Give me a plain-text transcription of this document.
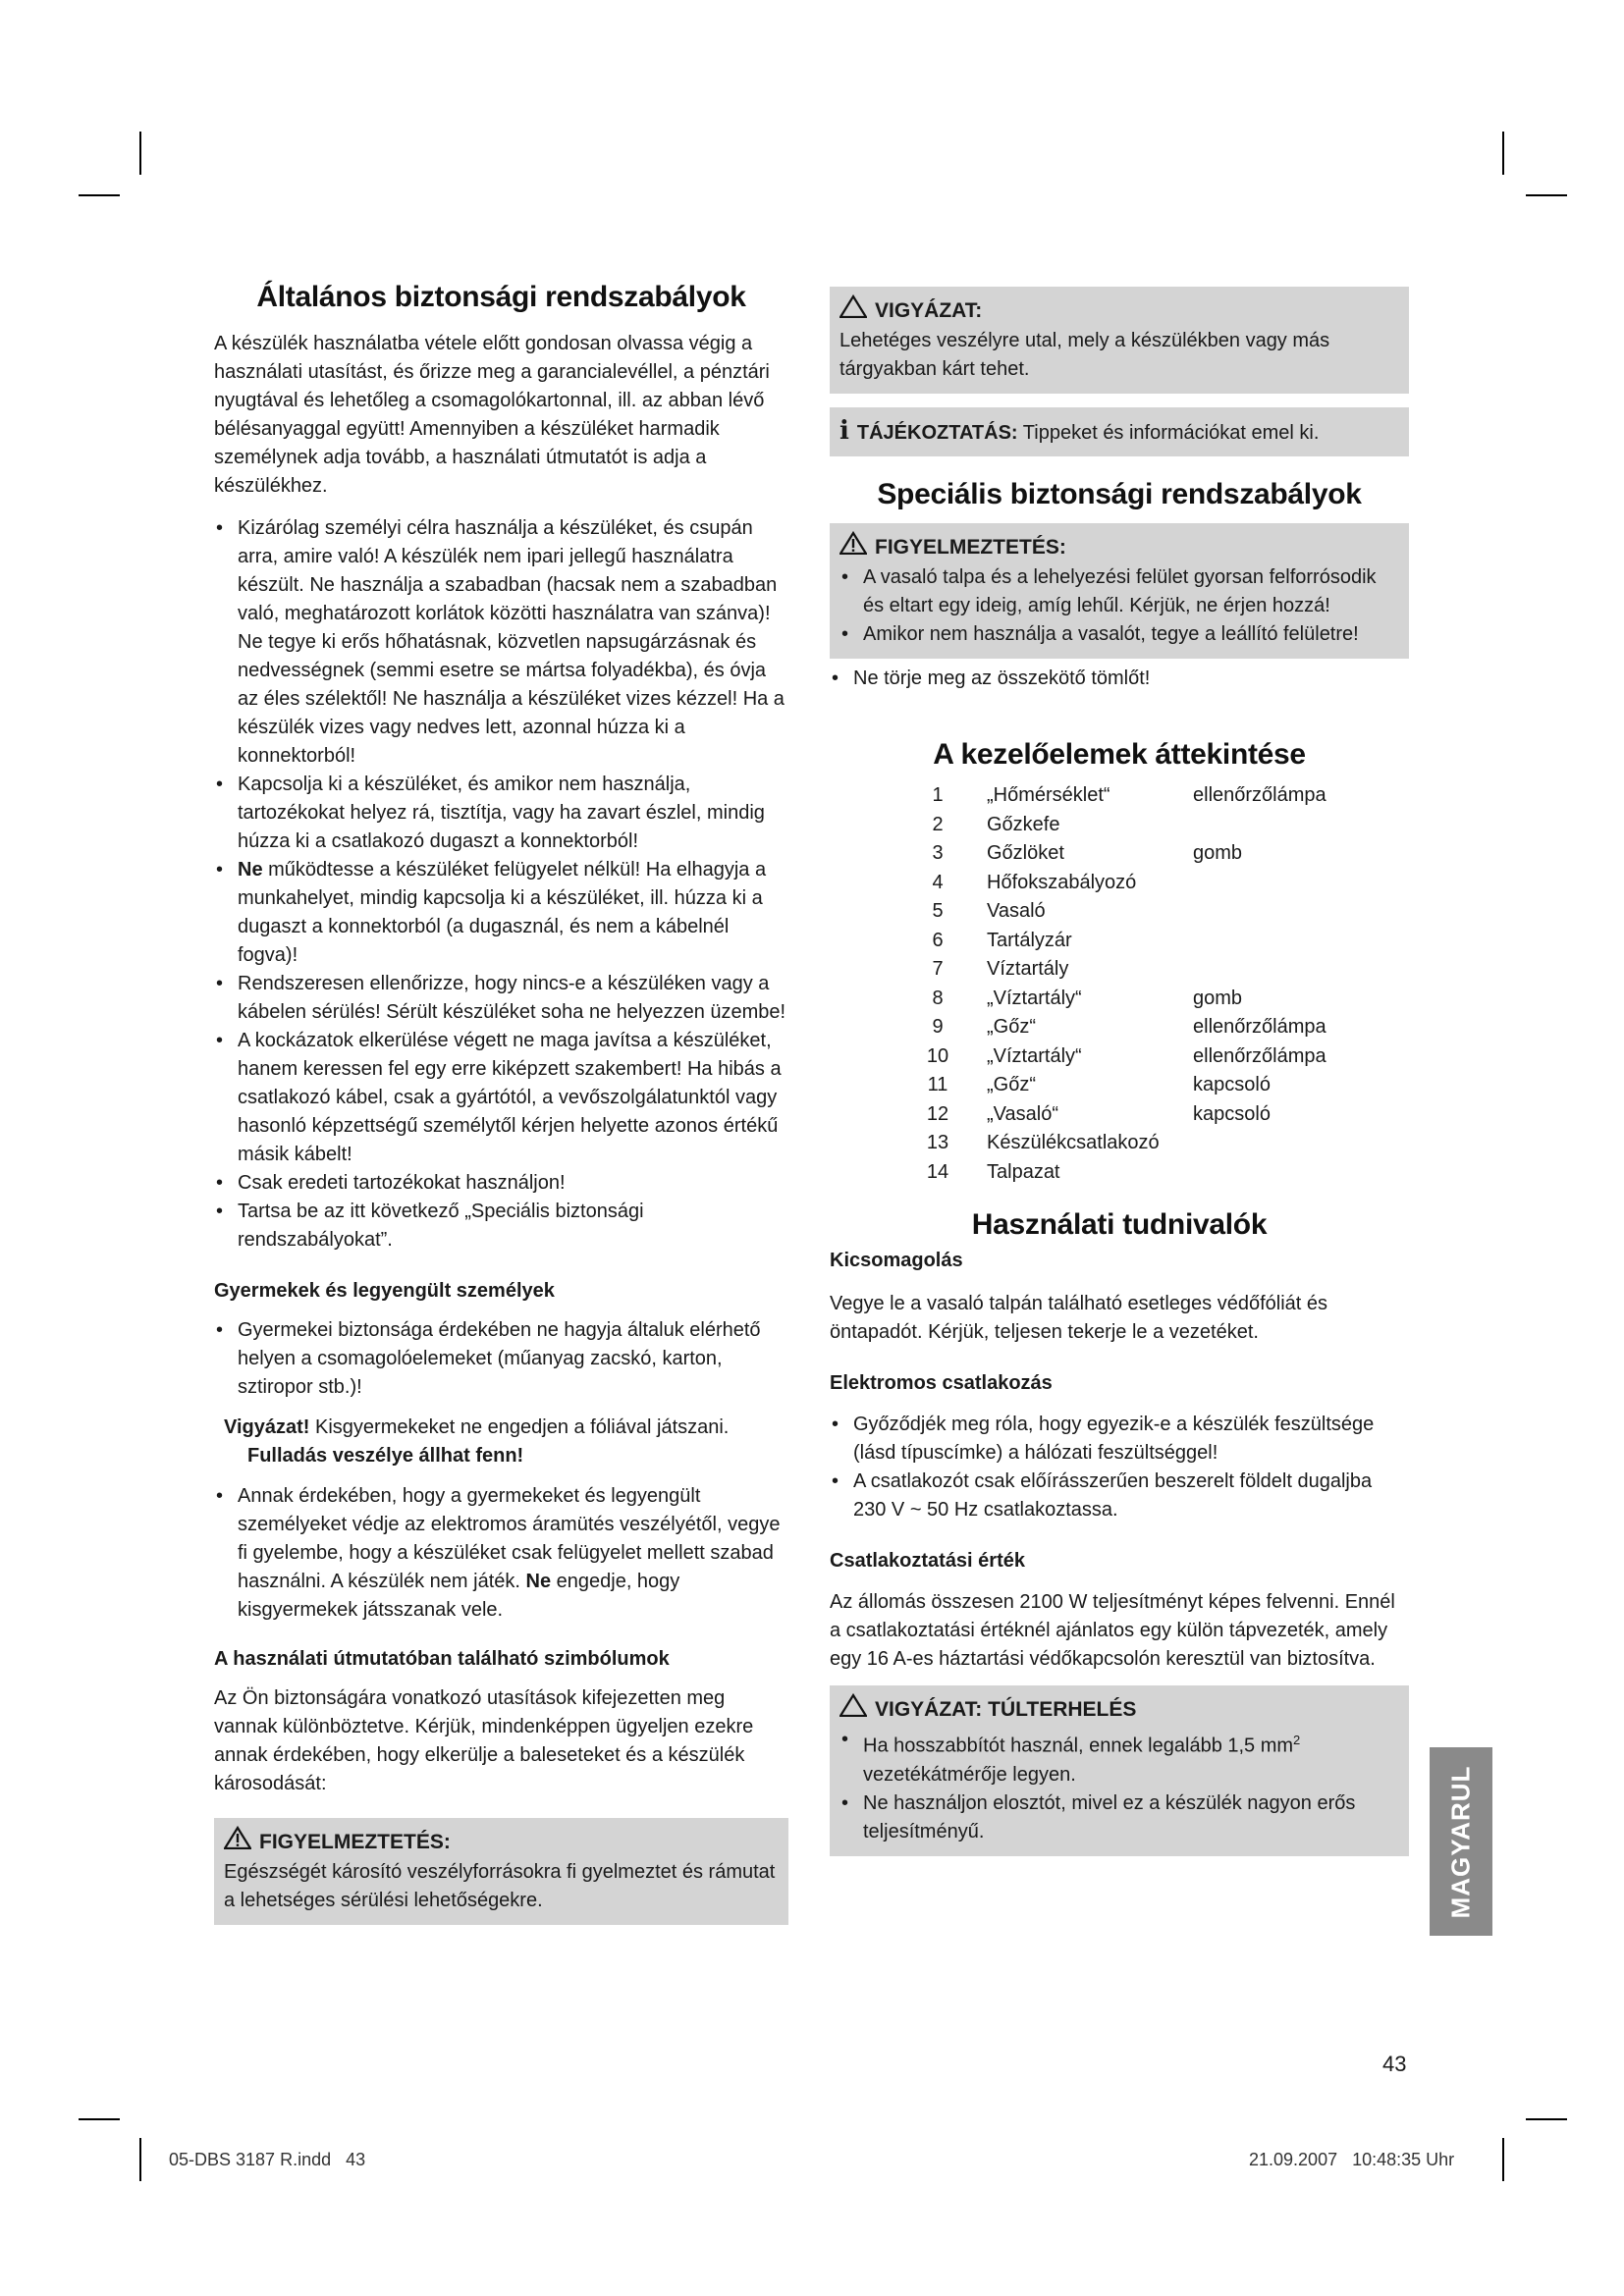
Általános biztonsági rendszabályok

A készülék használatba vétele előtt gondosan olvassa végig a használati utasítást, és őrizze meg a garancialevéllel, a pénztári nyugtával és lehetőleg a csomagolókartonnal, ill. az abban lévő bélésanyaggal együtt! Amennyiben a készüléket harmadik személynek adja tovább, a használati útmutatót is adja a készülékhez.

• Kizárólag személyi célra használja a készüléket, és csupán arra, amire való! A készülék nem ipari jellegű használatra készült. Ne használja a szabadban (hacsak nem a szabadban való, meghatározott korlátok közötti használatra van szánva)! Ne tegye ki erős hőhatásnak, közvetlen napsugárzásnak és nedvességnek (semmi esetre se mártsa folyadékba), és óvja az éles szélektől! Ne használja a készüléket vizes kézzel! Ha a készülék vizes vagy nedves lett, azonnal húzza ki a konnektorból!
• Kapcsolja ki a készüléket, és amikor nem használja, tartozékokat helyez rá, tisztítja, vagy ha zavart észlel, mindig húzza ki a csatlakozó dugaszt a konnektorból!
• Ne működtesse a készüléket felügyelet nélkül! Ha elhagyja a munkahelyet, mindig kapcsolja ki a készüléket, ill. húzza ki a dugaszt a konnektorból (a dugasznál, és nem a kábelnél fogva)!
• Rendszeresen ellenőrizze, hogy nincs-e a készüléken vagy a kábelen sérülés! Sérült készüléket soha ne helyezzen üzembe!
• A kockázatok elkerülése végett ne maga javítsa a készüléket, hanem keressen fel egy erre kiképzett szakembert! Ha hibás a csatlakozó kábel, csak a gyártótól, a vevőszolgálatunktól vagy hasonló képzettségű személytől kérjen helyette azonos értékű másik kábelt!
• Csak eredeti tartozékokat használjon!
• Tartsa be az itt következő „Speciális biztonsági rendszabályokat”.
Gyermekek és legyengült személyek
• Gyermekei biztonsága érdekében ne hagyja általuk elérhető helyen a csomagolóelemeket (műanyag zacskó, karton, sztiropor stb.)!

Vigyázat! Kisgyermekeket ne engedjen a fóliával játszani.

Fulladás veszélye állhat fenn!

• Annak érdekében, hogy a gyermekeket és legyengült személyeket védje az elektromos áramütés veszélyétől, vegye fi gyelembe, hogy a készüléket csak felügyelet mellett szabad használni. A készülék nem játék. Ne engedje, hogy kisgyermekek játsszanak vele.
A használati útmutatóban található szimbólumok

Az Ön biztonságára vonatkozó utasítások kifejezetten meg vannak különböztetve. Kérjük, mindenképpen ügyeljen ezekre annak érdekében, hogy elkerülje a baleseteket és a készülék károsodását:

FIGYELMEZTETÉS:

Egészségét károsító veszélyforrásokra fi gyelmeztet és rámutat a lehetséges sérülési lehetőségekre.

VIGYÁZAT:

Lehetéges veszélyre utal, mely a készülékben vagy más tárgyakban kárt tehet.

i TÁJÉKOZTATÁS: Tippeket és információkat emel ki.
Speciális biztonsági rendszabályok
FIGYELMEZTETÉS:
• A vasaló talpa és a lehelyezési felület gyorsan felforrósodik és eltart egy ideig, amíg lehűl. Kérjük, ne érjen hozzá!
• Amikor nem használja a vasalót, tegye a leállító felületre!
• Ne törje meg az összekötő tömlőt!
A kezelőelemek áttekintése
1	„Hőmérséklet“	ellenőrzőlámpa
2	Gőzkefe	
3	Gőzlöket	gomb
4	Hőfokszabályozó	
5	Vasaló	
6	Tartályzár	
7	Víztartály	
8	„Víztartály“	gomb
9	„Gőz“	ellenőrzőlámpa
10	„Víztartály“	ellenőrzőlámpa
11	„Gőz“	kapcsoló
12	„Vasaló“	kapcsoló
13	Készülékcsatlakozó	
14	Talpazat	
Használati tudnivalók
Kicsomagolás

Vegye le a vasaló talpán található esetleges védőfóliát és öntapadót. Kérjük, teljesen tekerje le a vezetéket.

Elektromos csatlakozás
• Győződjék meg róla, hogy egyezik-e a készülék feszültsége (lásd típuscímke) a hálózati feszültséggel!
• A csatlakozót csak előírásszerűen beszerelt földelt dugaljba 230 V ~ 50 Hz csatlakoztassa.
Csatlakoztatási érték

Az állomás összesen 2100 W teljesítményt képes felvenni. Ennél a csatlakoztatási értéknél ajánlatos egy külön tápvezeték, amely egy 16 A-es háztartási védőkapcsolón keresztül van biztosítva.

VIGYÁZAT: TÚLTERHELÉS
• Ha hosszabbítót használ, ennek legalább 1,5 $mm^2$ vezetékátmérője legyen.
• Ne használjon elosztót, mivel ez a készülék nagyon erős teljesítményű.	MAGYARUL
43
05-DBS 3187 R.indd   43	21.09.2007   10:48:35 Uhr
